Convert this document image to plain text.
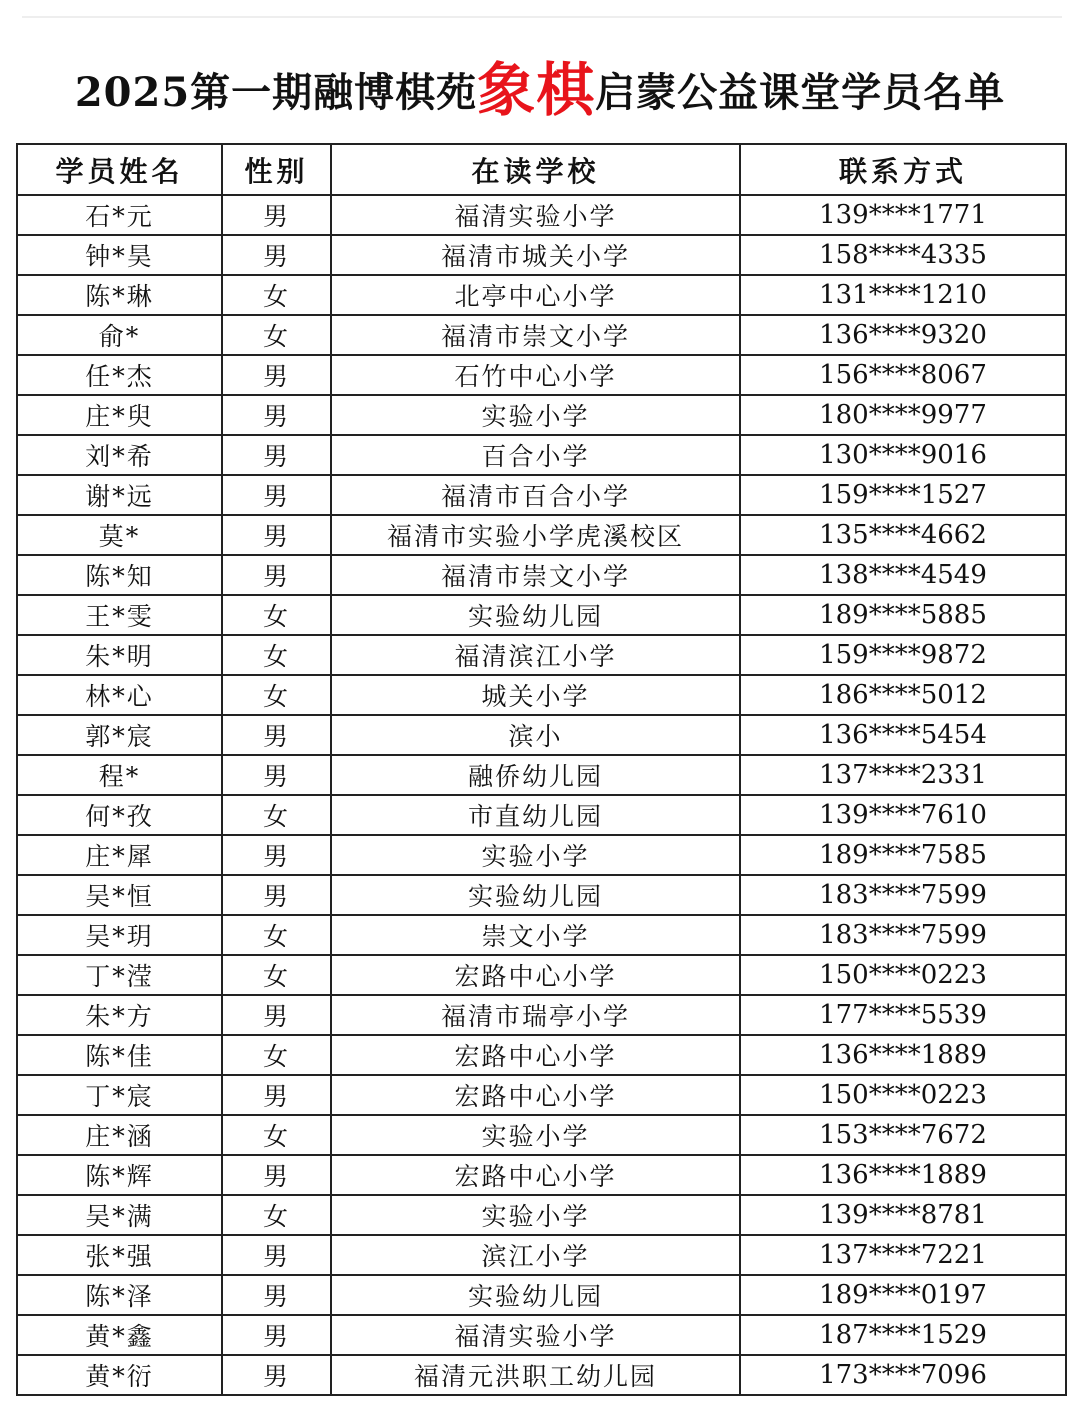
2025第一期融博棋苑象棋启蒙公益课堂学员名单
学员姓名	性别	在读学校	联系方式
石*元	男	福清实验小学	139****1771
钟*昊	男	福清市城关小学	158****4335
陈*琳	女	北亭中心小学	131****1210
俞*	女	福清市崇文小学	136****9320
任*杰	男	石竹中心小学	156****8067
庄*臾	男	实验小学	180****9977
刘*希	男	百合小学	130****9016
谢*远	男	福清市百合小学	159****1527
莫*	男	福清市实验小学虎溪校区	135****4662
陈*知	男	福清市崇文小学	138****4549
王*雯	女	实验幼儿园	189****5885
朱*明	女	福清滨江小学	159****9872
林*心	女	城关小学	186****5012
郭*宸	男	滨小	136****5454
程*	男	融侨幼儿园	137****2331
何*孜	女	市直幼儿园	139****7610
庄*犀	男	实验小学	189****7585
吴*恒	男	实验幼儿园	183****7599
吴*玥	女	崇文小学	183****7599
丁*滢	女	宏路中心小学	150****0223
朱*方	男	福清市瑞亭小学	177****5539
陈*佳	女	宏路中心小学	136****1889
丁*宸	男	宏路中心小学	150****0223
庄*涵	女	实验小学	153****7672
陈*辉	男	宏路中心小学	136****1889
吴*满	女	实验小学	139****8781
张*强	男	滨江小学	137****7221
陈*泽	男	实验幼儿园	189****0197
黄*鑫	男	福清实验小学	187****1529
黄*衍	男	福清元洪职工幼儿园	173****7096
